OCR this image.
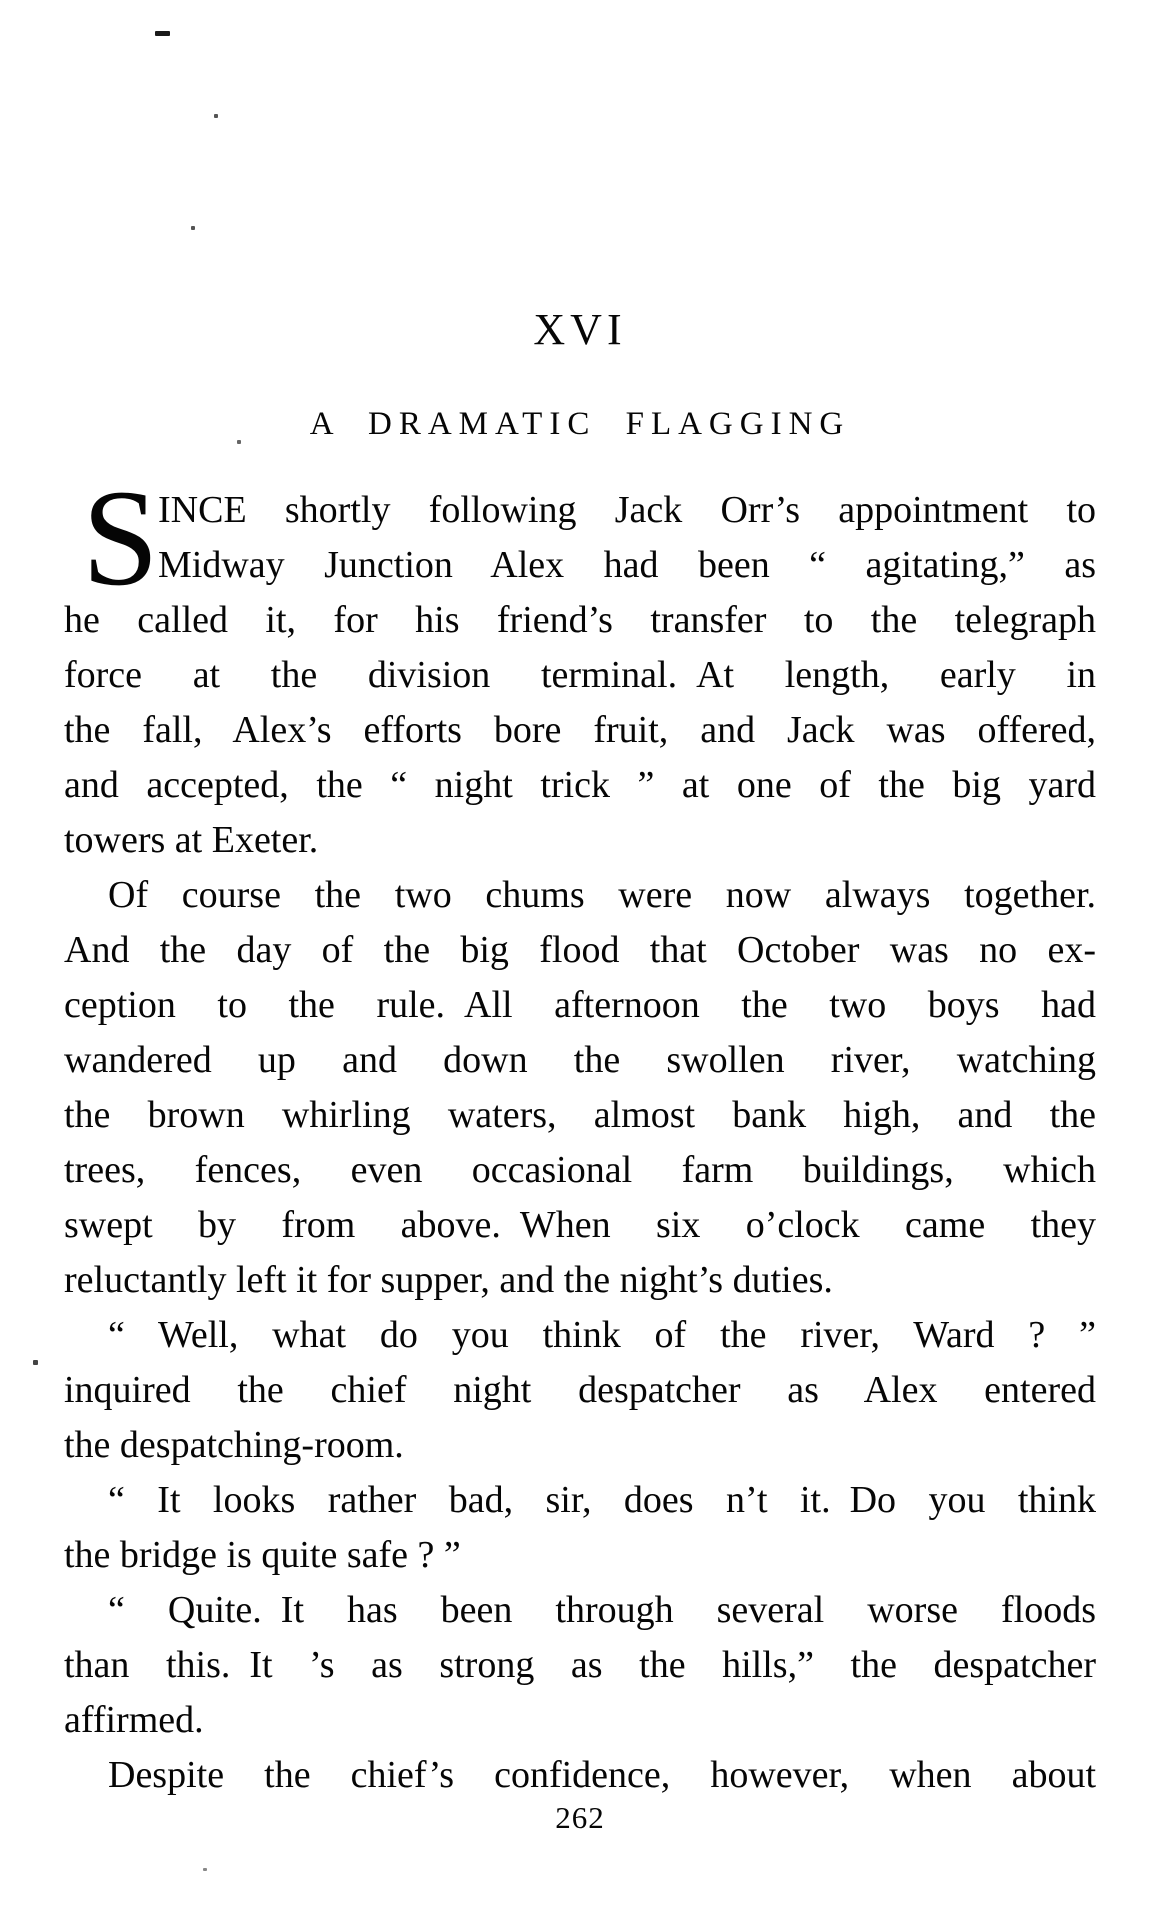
XVI
A DRAMATIC FLAGGING
S INCE shortly following Jack Orr’s appointment to
Midway Junction Alex had been “ agitating,” as
he called it, for his friend’s transfer to the telegraph
force at the division terminal. At length, early in
the fall, Alex’s efforts bore fruit, and Jack was offered,
and accepted, the “ night trick ” at one of the big yard
towers at Exeter.
Of course the two chums were now always together.
And the day of the big flood that October was no ex-
ception to the rule. All afternoon the two boys had
wandered up and down the swollen river, watching
the brown whirling waters, almost bank high, and the
trees, fences, even occasional farm buildings, which
swept by from above. When six o’clock came they
reluctantly left it for supper, and the night’s duties.
“ Well, what do you think of the river, Ward ? ”
inquired the chief night despatcher as Alex entered
the despatching-room.
“ It looks rather bad, sir, does n’t it. Do you think
the bridge is quite safe ? ”
“ Quite. It has been through several worse floods
than this. It ’s as strong as the hills,” the despatcher
affirmed.
Despite the chief’s confidence, however, when about
262
